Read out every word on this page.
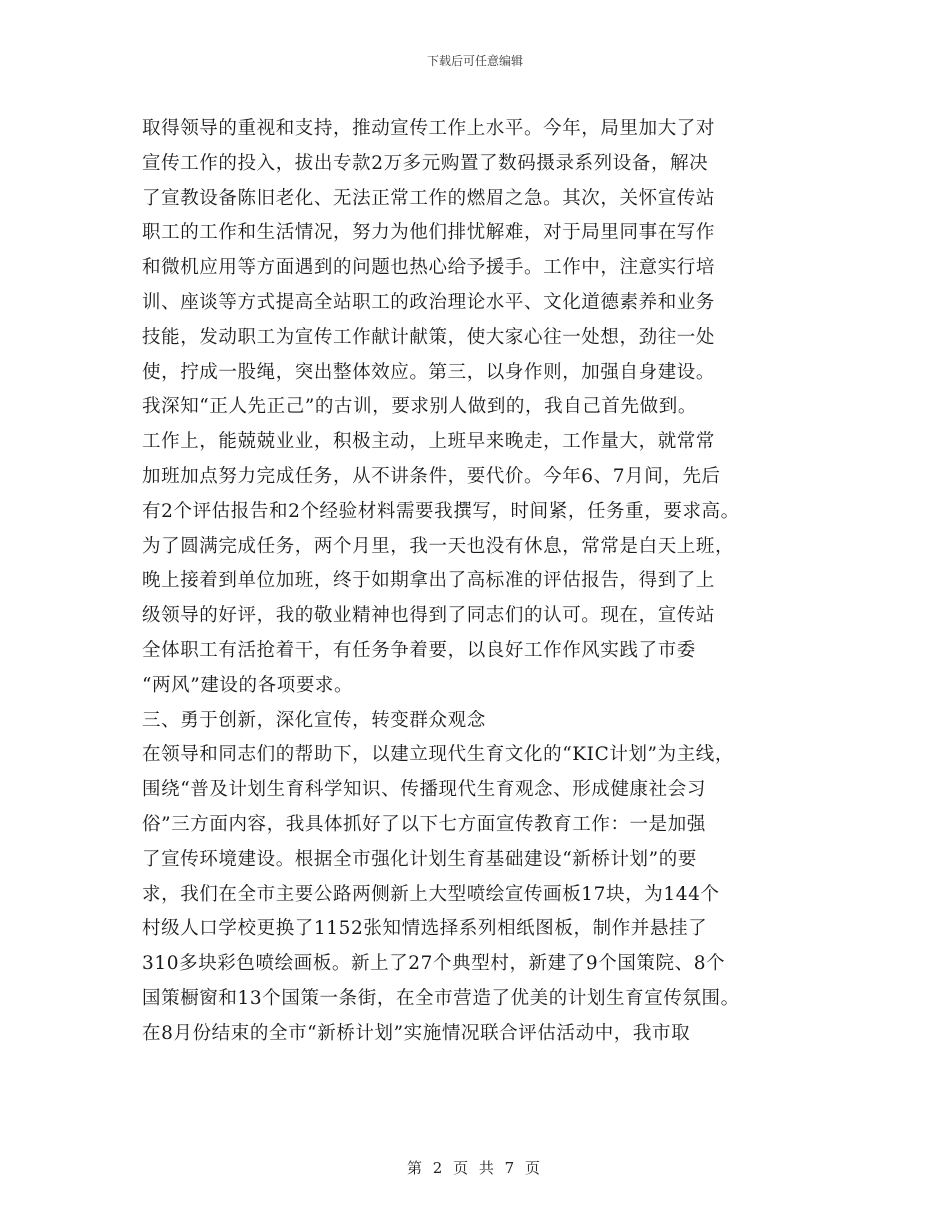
下载后可任意编辑
取得领导的重视和支持，推动宣传工作上水平。今年，局里加大了对
宣传工作的投入，拔出专款2万多元购置了数码摄录系列设备，解决
了宣教设备陈旧老化、无法正常工作的燃眉之急。其次，关怀宣传站
职工的工作和生活情况，努力为他们排忧解难，对于局里同事在写作
和微机应用等方面遇到的问题也热心给予援手。工作中，注意实行培
训、座谈等方式提高全站职工的政治理论水平、文化道德素养和业务
技能，发动职工为宣传工作献计献策，使大家心往一处想，劲往一处
使，拧成一股绳，突出整体效应。第三，以身作则，加强自身建设。
我深知“正人先正己”的古训，要求别人做到的，我自己首先做到。
工作上，能兢兢业业，积极主动，上班早来晚走，工作量大，就常常
加班加点努力完成任务，从不讲条件，要代价。今年6、7月间，先后
有2个评估报告和2个经验材料需要我撰写，时间紧，任务重，要求高。
为了圆满完成任务，两个月里，我一天也没有休息，常常是白天上班，
晚上接着到单位加班，终于如期拿出了高标准的评估报告，得到了上
级领导的好评，我的敬业精神也得到了同志们的认可。现在，宣传站
全体职工有活抢着干，有任务争着要，以良好工作作风实践了市委
“两风”建设的各项要求。
三、勇于创新，深化宣传，转变群众观念
在领导和同志们的帮助下，以建立现代生育文化的“KIC计划”为主线，
围绕“普及计划生育科学知识、传播现代生育观念、形成健康社会习
俗”三方面内容，我具体抓好了以下七方面宣传教育工作：一是加强
了宣传环境建设。根据全市强化计划生育基础建设“新桥计划”的要
求，我们在全市主要公路两侧新上大型喷绘宣传画板17块，为144个
村级人口学校更换了1152张知情选择系列相纸图板，制作并悬挂了
310多块彩色喷绘画板。新上了27个典型村，新建了9个国策院、8个
国策橱窗和13个国策一条街，在全市营造了优美的计划生育宣传氛围。
在8月份结束的全市“新桥计划”实施情况联合评估活动中，我市取
第 2 页 共 7 页
